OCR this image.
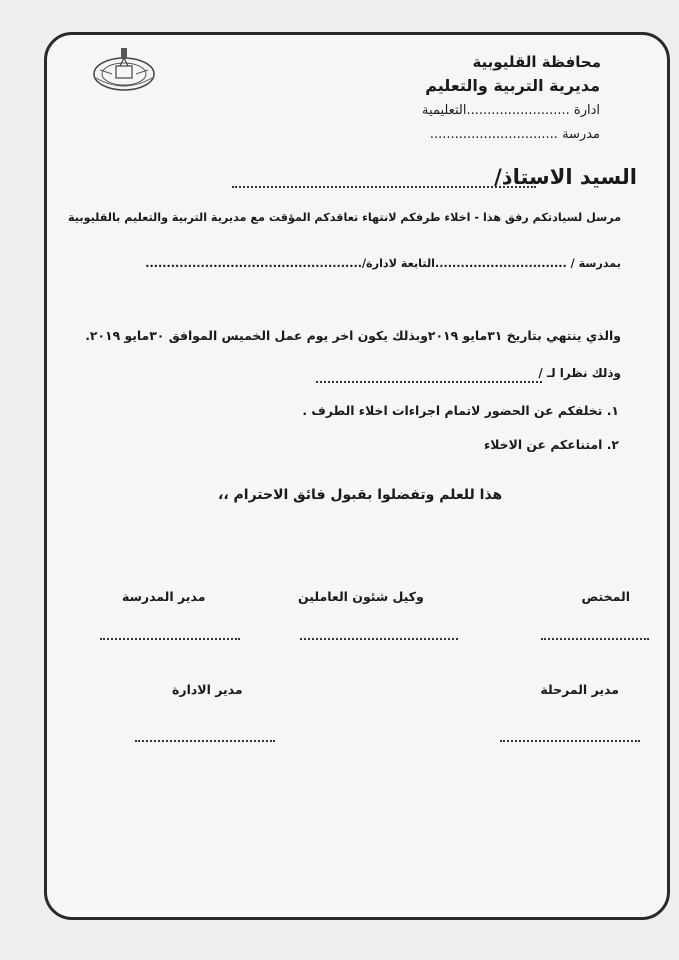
محافظة القليوبية
مديرية التربية والتعليم
ادارة .........................التعليمية
مدرسة ...............................
السيد الاستاذ/
مرسل لسيادتكم رفق هذا - اخلاء طرفكم لانتهاء تعاقدكم المؤقت مع مديرية التربية والتعليم بالقليوبية
بمدرسة / ...............................التابعة لادارة/...................................................
والذي ينتهي بتاريخ ٣١مايو ٢٠١٩وبذلك يكون اخر يوم عمل الخميس الموافق ٣٠مايو ٢٠١٩.
وذلك نظرا لـ /
١. تخلفكم عن الحضور لاتمام اجراءات اخلاء الطرف .
٢. امتناعكم عن الاخلاء
هذا للعلم وتفضلوا بقبول فائق الاحترام ،،
المختص
وكيل شئون العاملين
مدير المدرسة
مدير المرحلة
مدير الادارة
